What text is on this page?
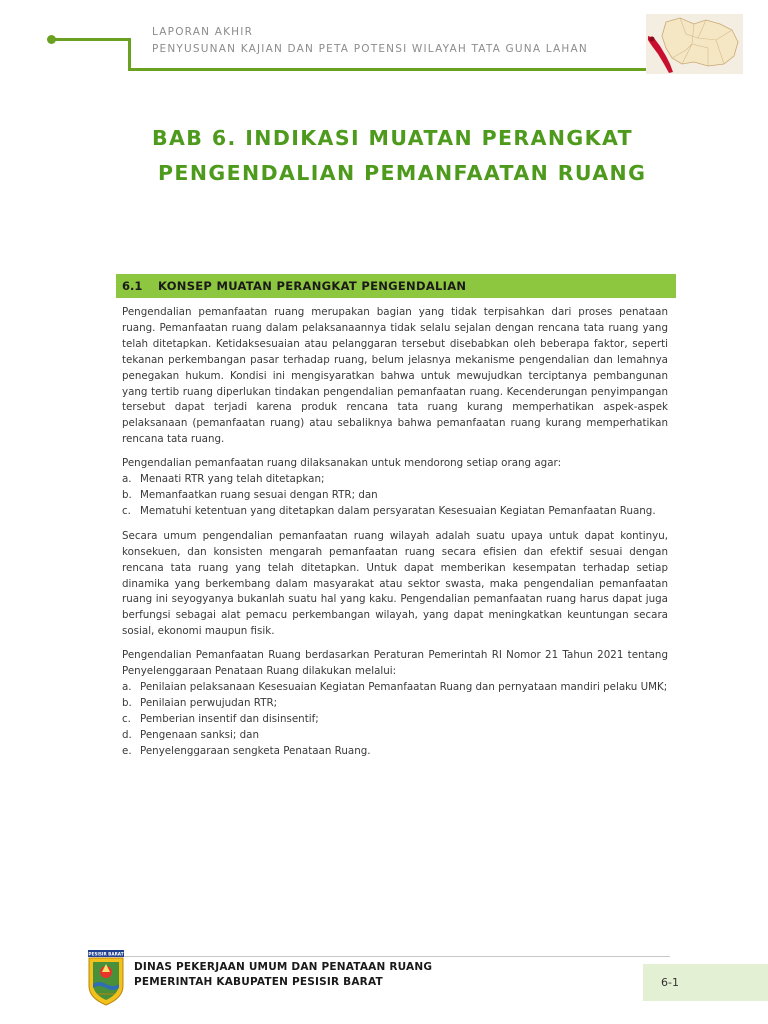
LAPORAN AKHIR
PENYUSUNAN KAJIAN DAN PETA POTENSI WILAYAH TATA GUNA LAHAN
BAB 6. INDIKASI MUATAN PERANGKAT
PENGENDALIAN PEMANFAATAN RUANG
6.1 KONSEP MUATAN PERANGKAT PENGENDALIAN

Pengendalian pemanfaatan ruang merupakan bagian yang tidak terpisahkan dari proses penataan ruang. Pemanfaatan ruang dalam pelaksanaannya tidak selalu sejalan dengan rencana tata ruang yang telah ditetapkan. Ketidaksesuaian atau pelanggaran tersebut disebabkan oleh beberapa faktor, seperti tekanan perkembangan pasar terhadap ruang, belum jelasnya mekanisme pengendalian dan lemahnya penegakan hukum. Kondisi ini mengisyaratkan bahwa untuk mewujudkan terciptanya pembangunan yang tertib ruang diperlukan tindakan pengendalian pemanfaatan ruang. Kecenderungan penyimpangan tersebut dapat terjadi karena produk rencana tata ruang kurang memperhatikan aspek-aspek pelaksanaan (pemanfaatan ruang) atau sebaliknya bahwa pemanfaatan ruang kurang memperhatikan rencana tata ruang.

Pengendalian pemanfaatan ruang dilaksanakan untuk mendorong setiap orang agar:

a. Menaati RTR yang telah ditetapkan;
b. Memanfaatkan ruang sesuai dengan RTR; dan
c. Mematuhi ketentuan yang ditetapkan dalam persyaratan Kesesuaian Kegiatan Pemanfaatan Ruang.

Secara umum pengendalian pemanfaatan ruang wilayah adalah suatu upaya untuk dapat kontinyu, konsekuen, dan konsisten mengarah pemanfaatan ruang secara efisien dan efektif sesuai dengan rencana tata ruang yang telah ditetapkan. Untuk dapat memberikan kesempatan terhadap setiap dinamika yang berkembang dalam masyarakat atau sektor swasta, maka pengendalian pemanfaatan ruang ini seyogyanya bukanlah suatu hal yang kaku. Pengendalian pemanfaatan ruang harus dapat juga berfungsi sebagai alat pemacu perkembangan wilayah, yang dapat meningkatkan keuntungan secara sosial, ekonomi maupun fisik.

Pengendalian Pemanfaatan Ruang berdasarkan Peraturan Pemerintah RI Nomor 21 Tahun 2021 tentang Penyelenggaraan Penataan Ruang dilakukan melalui:

a. Penilaian pelaksanaan Kesesuaian Kegiatan Pemanfaatan Ruang dan pernyataan mandiri pelaku UMK;
b. Penilaian perwujudan RTR;
c. Pemberian insentif dan disinsentif;
d. Pengenaan sanksi; dan
e. Penyelenggaraan sengketa Penataan Ruang.
PESISIR BARAT
DINAS PEKERJAAN UMUM DAN PENATAAN RUANG
PEMERINTAH KABUPATEN PESISIR BARAT	6-1
